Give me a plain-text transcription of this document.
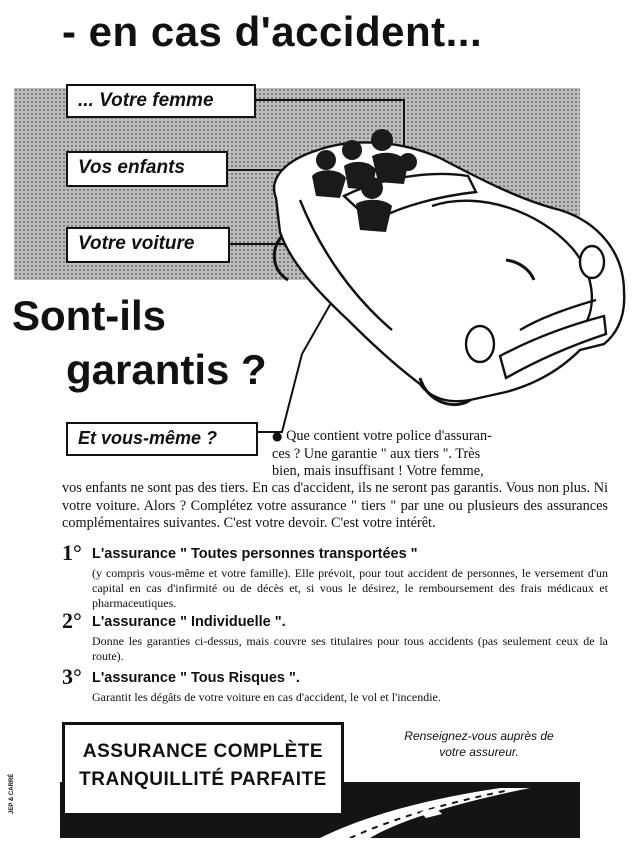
- en cas d'accident...
... Votre femme
Vos enfants
Votre voiture
Sont-ils
garantis ?
Et vous-même ?	● Que contient votre police d'assuran-
ces ? Une garantie " aux tiers ". Très
bien, mais insuffisant ! Votre femme,
vos enfants ne sont pas des tiers. En cas d'accident, ils ne seront pas garantis. Vous non plus. Ni votre voiture. Alors ? Complétez votre assurance " tiers " par une ou plusieurs des assurances complémentaires suivantes. C'est votre devoir. C'est votre intérêt.
1° L'assurance " Toutes personnes transportées "
(y compris vous-même et votre famille). Elle prévoit, pour tout accident de personnes, le versement d'un capital en cas d'infirmité ou de décès et, si vous le désirez, le remboursement des frais médicaux et pharmaceutiques.
2° L'assurance " Individuelle ".
Donne les garanties ci-dessus, mais couvre ses titulaires pour tous accidents (pas seulement ceux de la route).
3° L'assurance " Tous Risques ".
Garantit les dégâts de votre voiture en cas d'accident, le vol et l'incendie.
ASSURANCE COMPLÈTE
TRANQUILLITÉ PARFAITE
Renseignez-vous auprès de votre assureur.
JEP & CARRÉ
